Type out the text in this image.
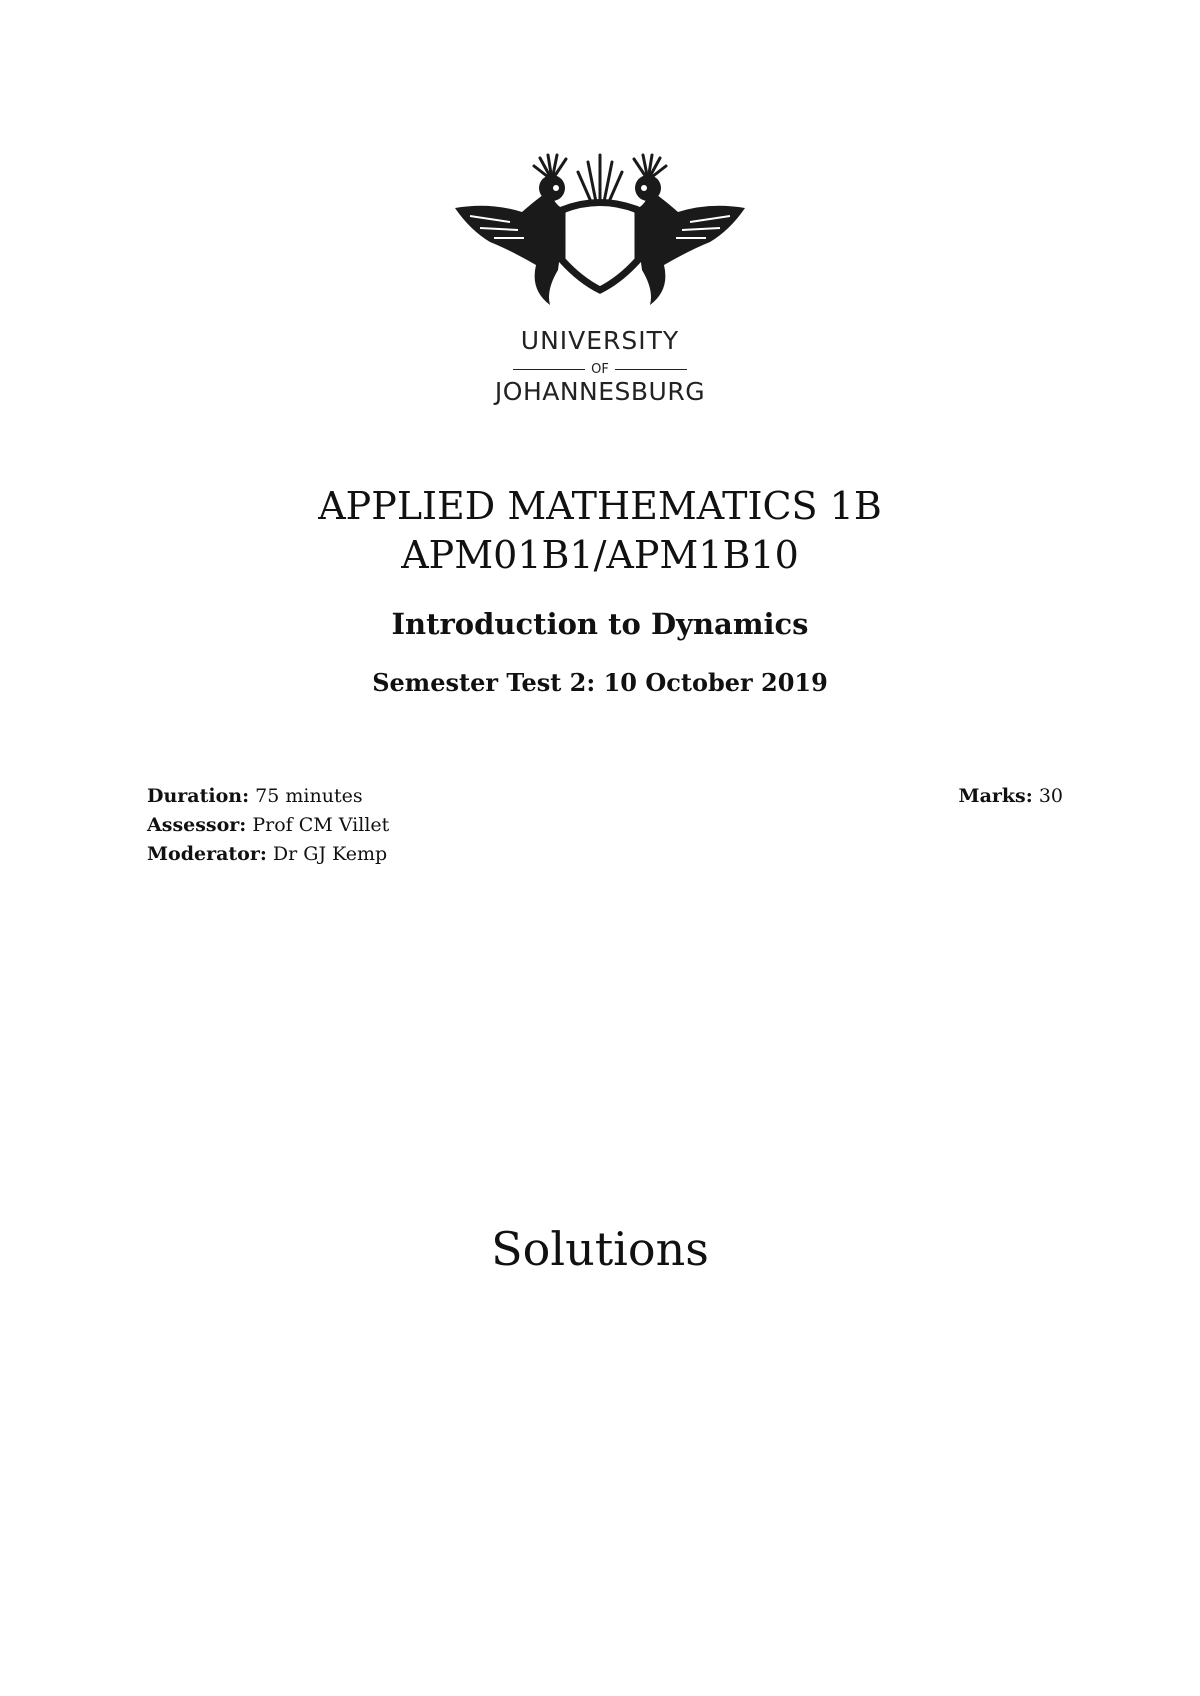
UNIVERSITY
OF
JOHANNESBURG
APPLIED MATHEMATICS 1B
APM01B1/APM1B10
Introduction to Dynamics
Semester Test 2: 10 October 2019
Duration: 75 minutes
Assessor: Prof CM Villet
Moderator: Dr GJ Kemp
Marks: 30
Solutions
